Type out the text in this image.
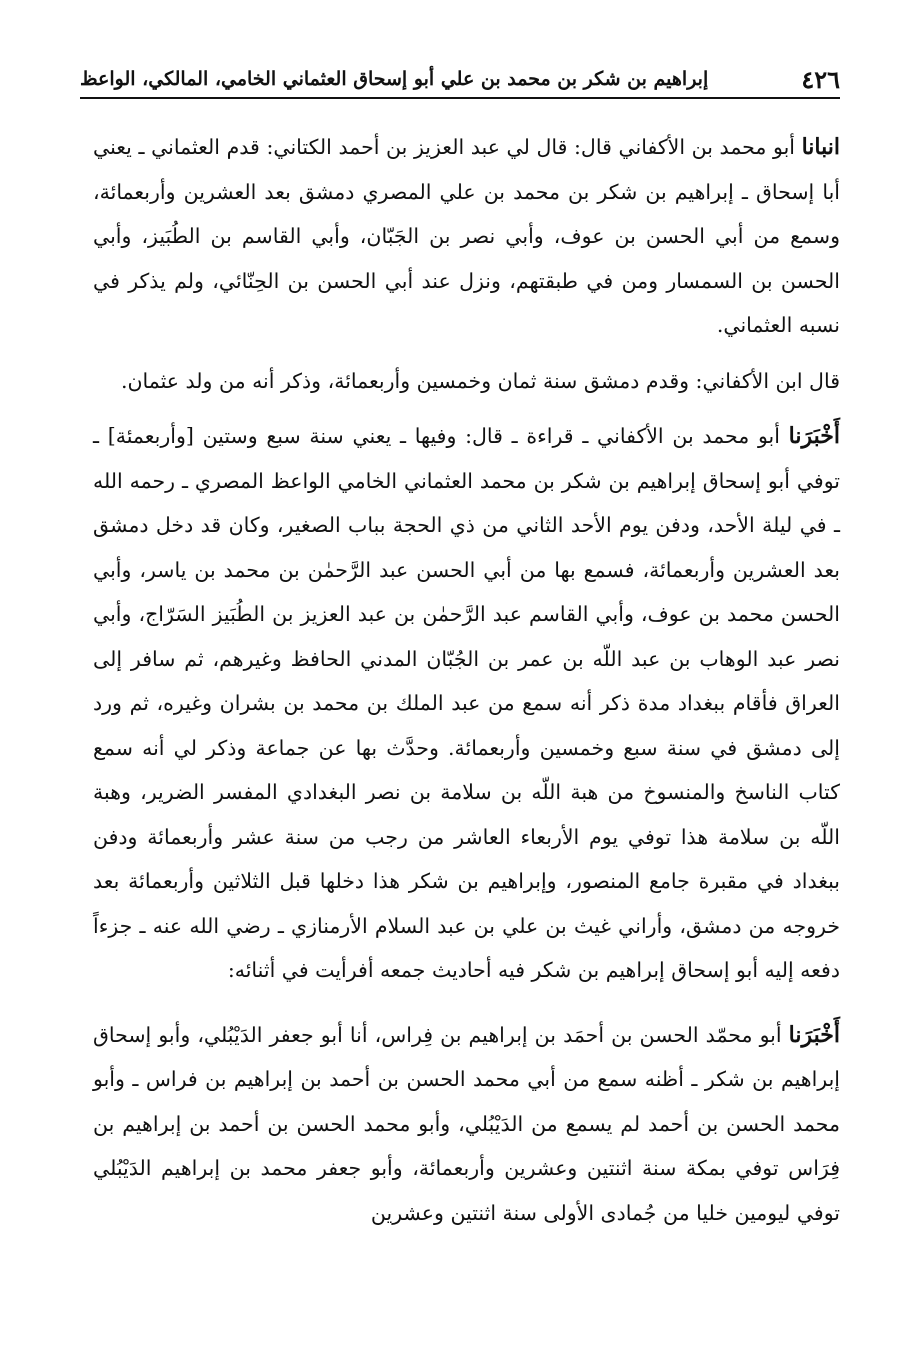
٤٢٦
إبراهيم بن شكر بن محمد بن علي أبو إسحاق العثماني الخامي، المالكي، الواعظ

انبانا أبو محمد بن الأكفاني قال: قال لي عبد العزيز بن أحمد الكتاني: قدم العثماني ـ يعني أبا إسحاق ـ إبراهيم بن شكر بن محمد بن علي المصري دمشق بعد العشرين وأربعمائة، وسمع من أبي الحسن بن عوف، وأبي نصر بن الجَبّان، وأبي القاسم بن الطُبَيز، وأبي الحسن بن السمسار ومن في طبقتهم، ونزل عند أبي الحسن بن الحِنّائي، ولم يذكر في نسبه العثماني.

قال ابن الأكفاني: وقدم دمشق سنة ثمان وخمسين وأربعمائة، وذكر أنه من ولد عثمان.

أَخْبَرَنا أبو محمد بن الأكفاني ـ قراءة ـ قال: وفيها ـ يعني سنة سبع وستين [وأربعمئة] ـ توفي أبو إسحاق إبراهيم بن شكر بن محمد العثماني الخامي الواعظ المصري ـ رحمه الله ـ في ليلة الأحد، ودفن يوم الأحد الثاني من ذي الحجة بباب الصغير، وكان قد دخل دمشق بعد العشرين وأربعمائة، فسمع بها من أبي الحسن عبد الرَّحمٰن بن محمد بن ياسر، وأبي الحسن محمد بن عوف، وأبي القاسم عبد الرَّحمٰن بن عبد العزيز بن الطُبَيز السَرّاج، وأبي نصر عبد الوهاب بن عبد اللّه بن عمر بن الجُبّان المدني الحافظ وغيرهم، ثم سافر إلى العراق فأقام ببغداد مدة ذكر أنه سمع من عبد الملك بن محمد بن بشران وغيره، ثم ورد إلى دمشق في سنة سبع وخمسين وأربعمائة. وحدَّث بها عن جماعة وذكر لي أنه سمع كتاب الناسخ والمنسوخ من هبة اللّه بن سلامة بن نصر البغدادي المفسر الضرير، وهبة اللّه بن سلامة هذا توفي يوم الأربعاء العاشر من رجب من سنة عشر وأربعمائة ودفن ببغداد في مقبرة جامع المنصور، وإبراهيم بن شكر هذا دخلها قبل الثلاثين وأربعمائة بعد خروجه من دمشق، وأراني غيث بن علي بن عبد السلام الأرمنازي ـ رضي الله عنه ـ جزءاً دفعه إليه أبو إسحاق إبراهيم بن شكر فيه أحاديث جمعه أفرأيت في أثنائه:

أَخْبَرَنا أبو محمّد الحسن بن أحمَد بن إبراهيم بن فِراس، أنا أبو جعفر الدَيْبُلي، وأبو إسحاق إبراهيم بن شكر ـ أظنه سمع من أبي محمد الحسن بن أحمد بن إبراهيم بن فراس ـ وأبو محمد الحسن بن أحمد لم يسمع من الدَيْبُلي، وأبو محمد الحسن بن أحمد بن إبراهيم بن فِرَاس توفي بمكة سنة اثنتين وعشرين وأربعمائة، وأبو جعفر محمد بن إبراهيم الدَيْبُلي توفي ليومين خليا من جُمادى الأولى سنة اثنتين وعشرين
